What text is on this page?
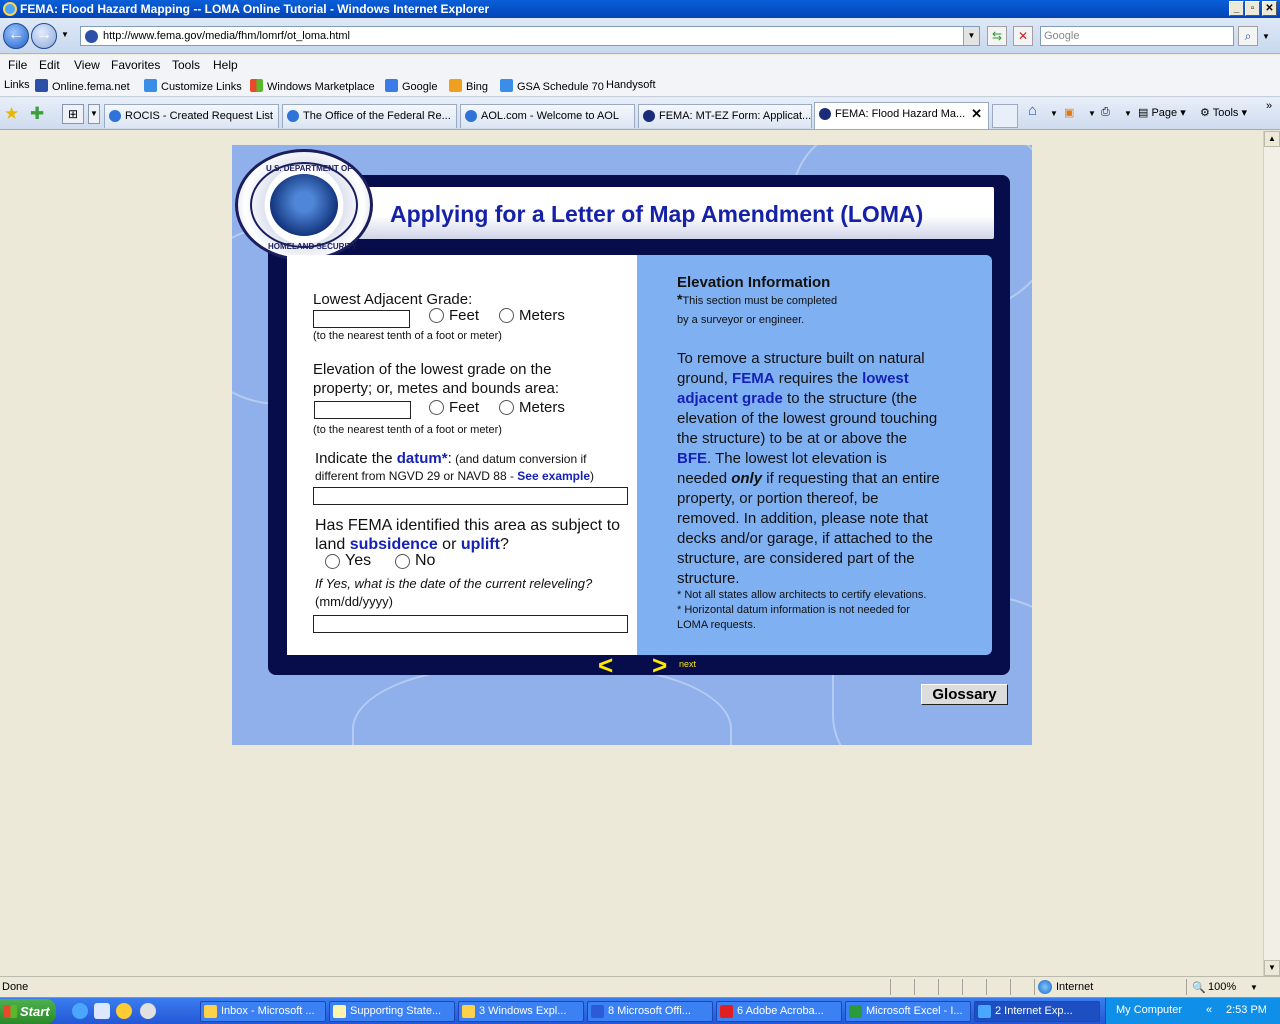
FEMA: Flood Hazard Mapping -- LOMA Online Tutorial - Windows Internet Explorer	_	▫	✕
← →	▼	http://www.fema.gov/media/fhm/lomrf/ot_loma.html	▼	⇆	✕	Google	⌕	▼
File Edit View Favorites Tools Help
Links	Online.fema.net	Customize Links	Windows Marketplace	Google	Bing	GSA Schedule 70 Handysoft
★ ✚	⊞	▼	ROCIS - Created Request List	The Office of the Federal Re...	AOL.com - Welcome to AOL	FEMA: MT-EZ Form: Applicat...	FEMA: Flood Hazard Ma... ✕	⌂ ▼ ▣ ▼ ⎙ ▼ ▤ Page ▾ ⚙ Tools ▾
»
▲
▼
Applying for a Letter of Map Amendment (LOMA)
U.S. DEPARTMENT OF
HOMELAND SECURITY
Lowest Adjacent Grade:
Feet	Meters
(to the nearest tenth of a foot or meter)
Elevation of the lowest grade on the
property; or, metes and bounds area:
Feet	Meters
(to the nearest tenth of a foot or meter)
Indicate the datum*: (and datum conversion if
different from NGVD 29 or NAVD 88 - See example)
Has FEMA identified this area as subject to
land subsidence or uplift?
Yes	No
If Yes, what is the date of the current releveling?
(mm/dd/yyyy)
Elevation Information
*This section must be completed
by a surveyor or engineer.
To remove a structure built on natural
ground, FEMA requires the lowest
adjacent grade to the structure (the
elevation of the lowest ground touching
the structure) to be at or above the
BFE. The lowest lot elevation is
needed only if requesting that an entire
property, or portion thereof, be
removed. In addition, please note that
decks and/or garage, if attached to the
structure, are considered part of the
structure.
* Not all states allow architects to certify elevations.
* Horizontal datum information is not needed for
LOMA requests.
< > next
Glossary
Done	Internet	🔍 100% ▼
Start	Inbox - Microsoft ...	Supporting State...	3 Windows Expl...	8 Microsoft Offi...	6 Adobe Acroba...	Microsoft Excel - I...	2 Internet Exp...	My Computer « 2:53 PM
